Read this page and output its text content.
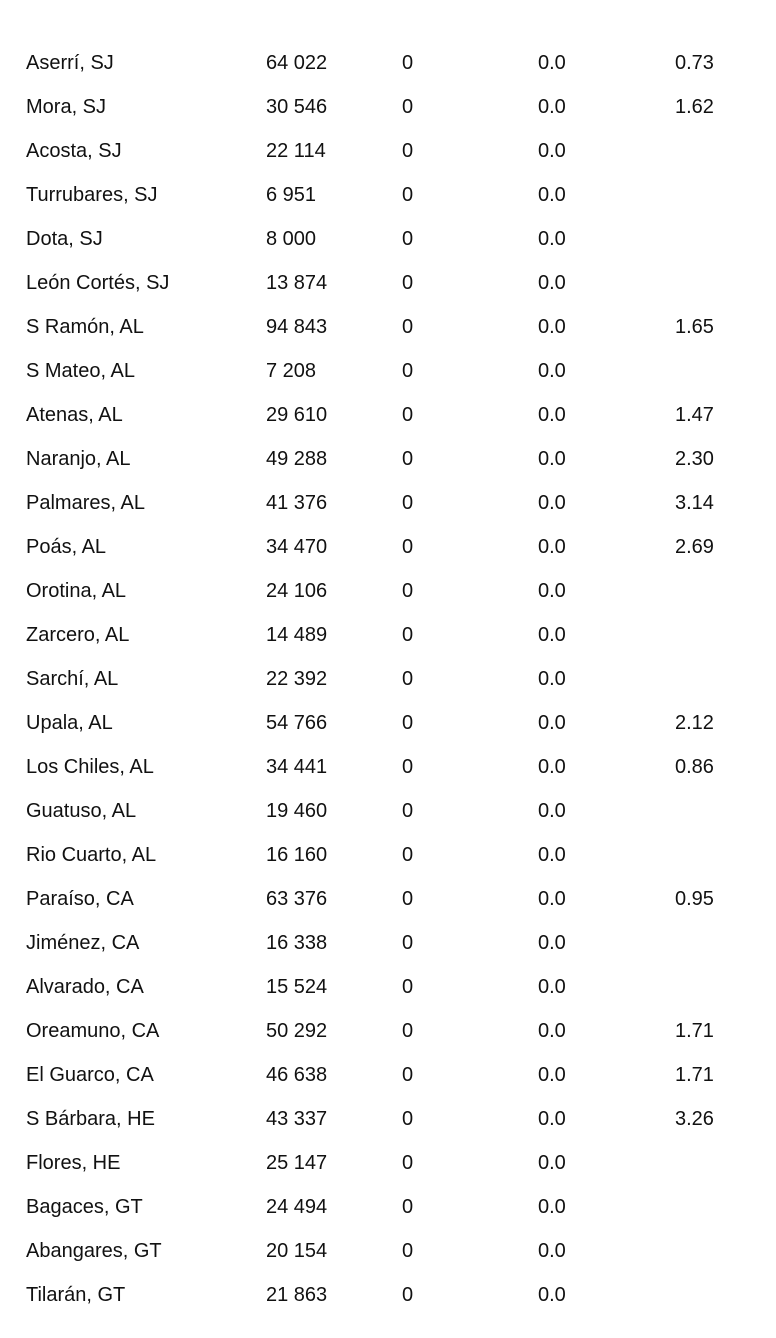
Aserrí, SJ	64 022	0	0.0	0.73
Mora, SJ	30 546	0	0.0	1.62
Acosta, SJ	22 114	0	0.0
Turrubares, SJ	6 951	0	0.0
Dota, SJ	8 000	0	0.0
León Cortés, SJ	13 874	0	0.0
S Ramón, AL	94 843	0	0.0	1.65
S Mateo, AL	7 208	0	0.0
Atenas, AL	29 610	0	0.0	1.47
Naranjo, AL	49 288	0	0.0	2.30
Palmares, AL	41 376	0	0.0	3.14
Poás, AL	34 470	0	0.0	2.69
Orotina, AL	24 106	0	0.0
Zarcero, AL	14 489	0	0.0
Sarchí, AL	22 392	0	0.0
Upala, AL	54 766	0	0.0	2.12
Los Chiles, AL	34 441	0	0.0	0.86
Guatuso, AL	19 460	0	0.0
Rio Cuarto, AL	16 160	0	0.0
Paraíso, CA	63 376	0	0.0	0.95
Jiménez, CA	16 338	0	0.0
Alvarado, CA	15 524	0	0.0
Oreamuno, CA	50 292	0	0.0	1.71
El Guarco, CA	46 638	0	0.0	1.71
S Bárbara, HE	43 337	0	0.0	3.26
Flores, HE	25 147	0	0.0
Bagaces, GT	24 494	0	0.0
Abangares, GT	20 154	0	0.0
Tilarán, GT	21 863	0	0.0
